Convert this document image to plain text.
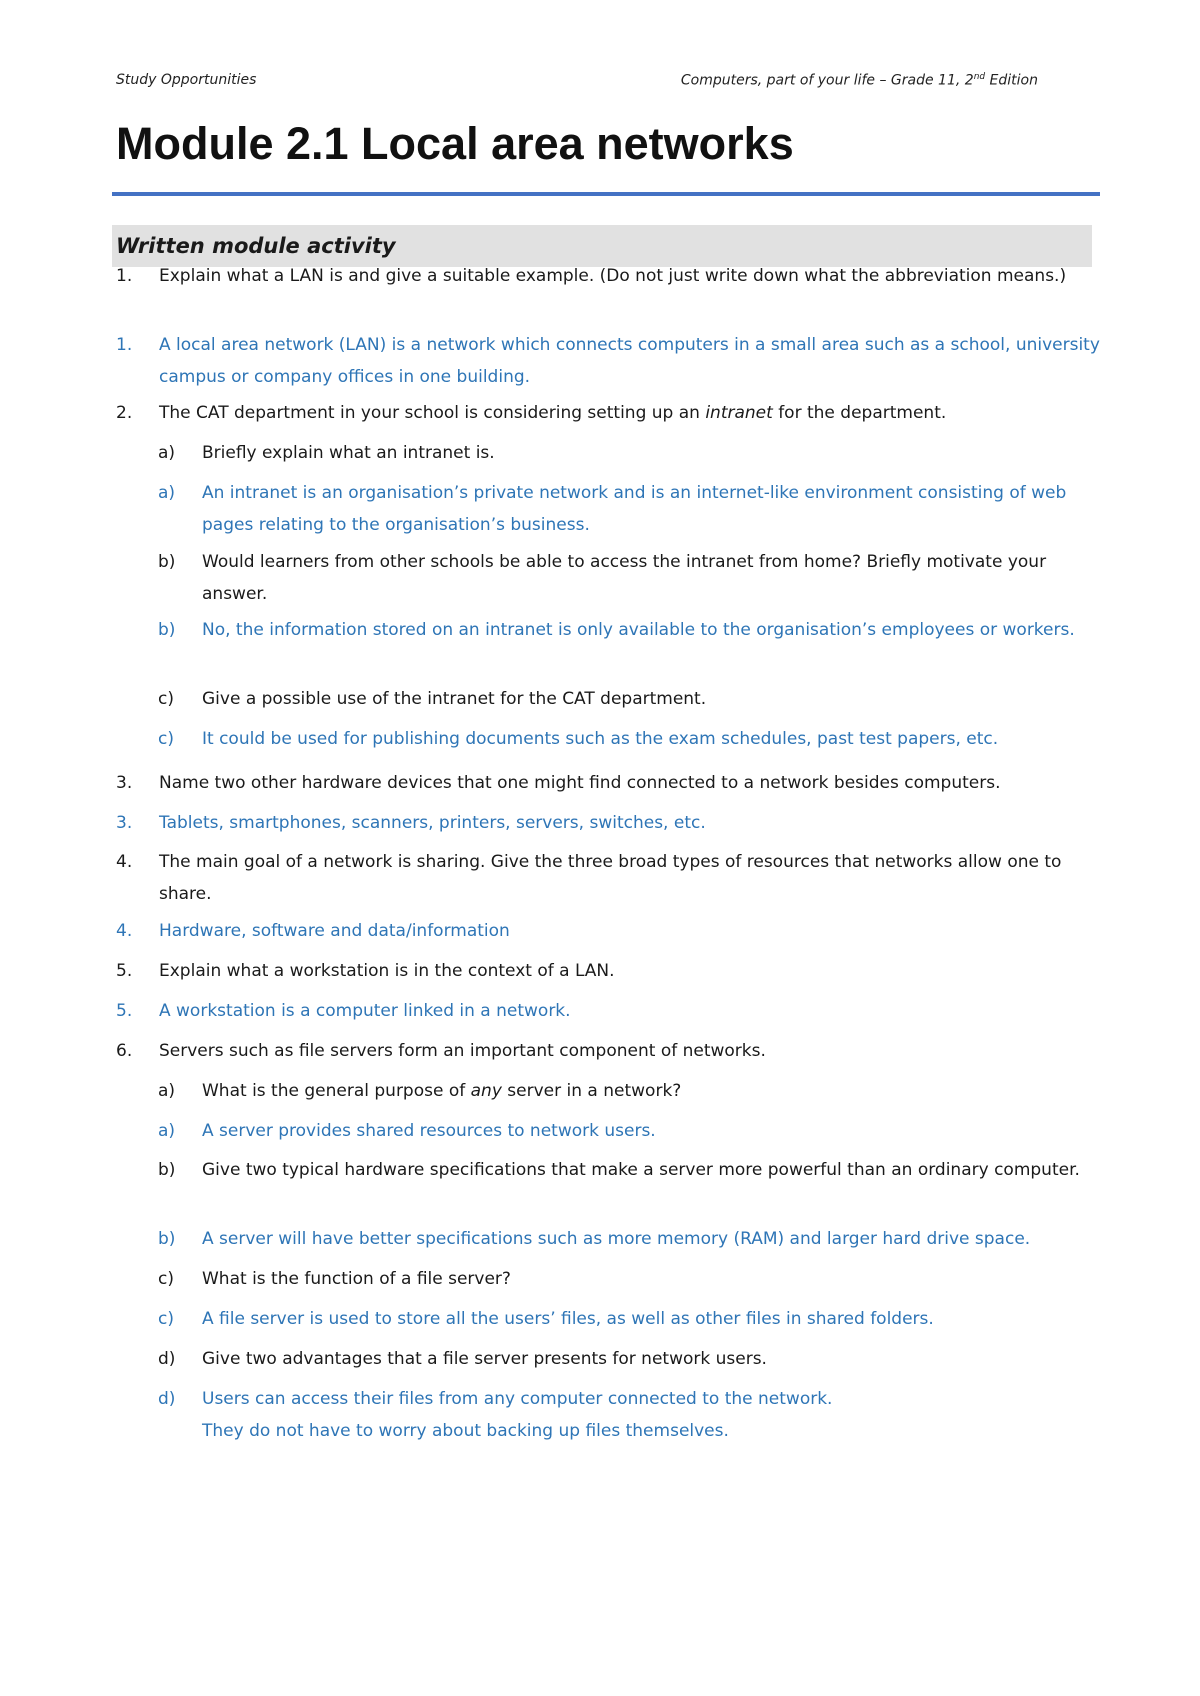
Study Opportunities	Computers, part of your life – Grade 11, 2nd Edition
Module 2.1 Local area networks
Written module activity
1.	Explain what a LAN is and give a suitable example. (Do not just write down what the abbreviation means.)
1.	A local area network (LAN) is a network which connects computers in a small area such as a school, university campus or company offices in one building.
2.	The CAT department in your school is considering setting up an intranet for the department.
a)	Briefly explain what an intranet is.
a)	An intranet is an organisation’s private network and is an internet-like environment consisting of web pages relating to the organisation’s business.
b)	Would learners from other schools be able to access the intranet from home? Briefly motivate your answer.
b)	No, the information stored on an intranet is only available to the organisation’s employees or workers.
c)	Give a possible use of the intranet for the CAT department.
c)	It could be used for publishing documents such as the exam schedules, past test papers, etc.
3.	Name two other hardware devices that one might find connected to a network besides computers.
3.	Tablets, smartphones, scanners, printers, servers, switches, etc.
4.	The main goal of a network is sharing. Give the three broad types of resources that networks allow one to share.
4.	Hardware, software and data/information
5.	Explain what a workstation is in the context of a LAN.
5.	A workstation is a computer linked in a network.
6.	Servers such as file servers form an important component of networks.
a)	What is the general purpose of any server in a network?
a)	A server provides shared resources to network users.
b)	Give two typical hardware specifications that make a server more powerful than an ordinary computer.
b)	A server will have better specifications such as more memory (RAM) and larger hard drive space.
c)	What is the function of a file server?
c)	A file server is used to store all the users’ files, as well as other files in shared folders.
d)	Give two advantages that a file server presents for network users.
d)	Users can access their files from any computer connected to the network.
They do not have to worry about backing up files themselves.
